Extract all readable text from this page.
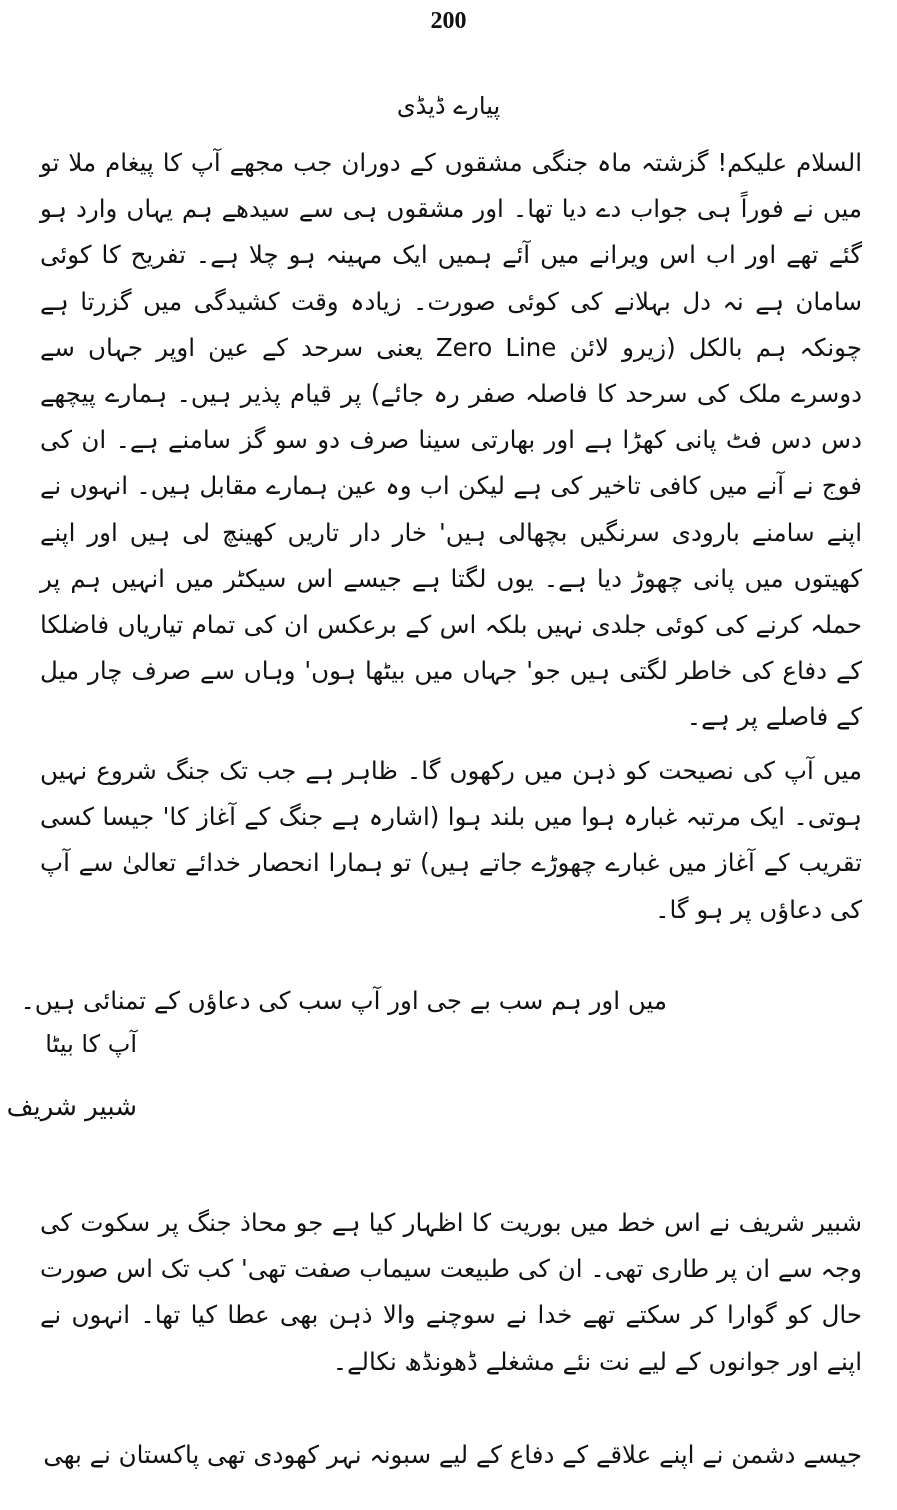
200
پیارے ڈیڈی

السلام علیکم! گزشتہ ماہ جنگی مشقوں کے دوران جب مجھے آپ کا پیغام ملا تو میں نے فوراً ہی جواب دے دیا تھا۔ اور مشقوں ہی سے سیدھے ہم یہاں وارد ہو گئے تھے اور اب اس ویرانے میں آئے ہمیں ایک مہینہ ہو چلا ہے۔ تفریح کا کوئی سامان ہے نہ دل بہلانے کی کوئی صورت۔ زیادہ وقت کشیدگی میں گزرتا ہے چونکہ ہم بالکل (زیرو لائن Zero Line یعنی سرحد کے عین اوپر جہاں سے دوسرے ملک کی سرحد کا فاصلہ صفر رہ جائے) پر قیام پذیر ہیں۔ ہمارے پیچھے دس دس فٹ پانی کھڑا ہے اور بھارتی سینا صرف دو سو گز سامنے ہے۔ ان کی فوج نے آنے میں کافی تاخیر کی ہے لیکن اب وہ عین ہمارے مقابل ہیں۔ انہوں نے اپنے سامنے بارودی سرنگیں بچھالی ہیں' خار دار تاریں کھینچ لی ہیں اور اپنے کھیتوں میں پانی چھوڑ دیا ہے۔ یوں لگتا ہے جیسے اس سیکٹر میں انہیں ہم پر حملہ کرنے کی کوئی جلدی نہیں بلکہ اس کے برعکس ان کی تمام تیاریاں فاضلکا کے دفاع کی خاطر لگتی ہیں جو' جہاں میں بیٹھا ہوں' وہاں سے صرف چار میل کے فاصلے پر ہے۔

میں آپ کی نصیحت کو ذہن میں رکھوں گا۔ ظاہر ہے جب تک جنگ شروع نہیں ہوتی۔ ایک مرتبہ غبارہ ہوا میں بلند ہوا (اشارہ ہے جنگ کے آغاز کا' جیسا کسی تقریب کے آغاز میں غبارے چھوڑے جاتے ہیں) تو ہمارا انحصار خدائے تعالیٰ سے آپ کی دعاؤں پر ہو گا۔

میں اور ہم سب بے جی اور آپ سب کی دعاؤں کے تمنائی ہیں۔

آپ کا بیٹا
شبیر شریف

شبیر شریف نے اس خط میں بوریت کا اظہار کیا ہے جو محاذ جنگ پر سکوت کی وجہ سے ان پر طاری تھی۔ ان کی طبیعت سیماب صفت تھی' کب تک اس صورت حال کو گوارا کر سکتے تھے خدا نے سوچنے والا ذہن بھی عطا کیا تھا۔ انہوں نے اپنے اور جوانوں کے لیے نت نئے مشغلے ڈھونڈھ نکالے۔

جیسے دشمن نے اپنے علاقے کے دفاع کے لیے سبونہ نہر کھودی تھی پاکستان نے بھی
